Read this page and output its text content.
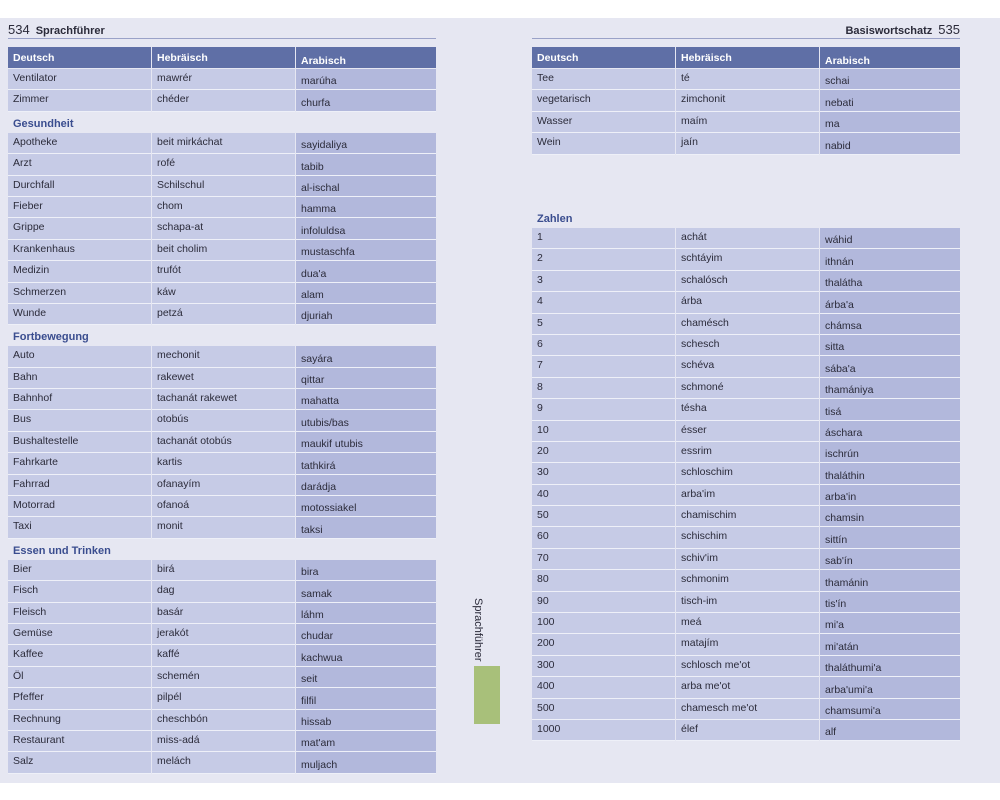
534 Sprachführer
Deutsch	Hebräisch	Arabisch
Ventilator	mawrér	marúha
Zimmer	chéder	churfa
Gesundheit
Apotheke	beit mirkáchat	sayidaliya
Arzt	rofé	tabib
Durchfall	Schilschul	al-ischal
Fieber	chom	hamma
Grippe	schapa-at	infoluldsa
Krankenhaus	beit cholim	mustaschfa
Medizin	trufót	dua'a
Schmerzen	káw	alam
Wunde	petzá	djuriah
Fortbewegung
Auto	mechonit	sayára
Bahn	rakewet	qittar
Bahnhof	tachanát rakewet	mahatta
Bus	otobús	utubis/bas
Bushaltestelle	tachanát otobús	maukif utubis
Fahrkarte	kartis	tathkirá
Fahrrad	ofanayím	darádja
Motorrad	ofanoá	motossiakel
Taxi	monit	taksi
Essen und Trinken
Bier	birá	bira
Fisch	dag	samak
Fleisch	basár	láhm
Gemüse	jerakót	chudar
Kaffee	kaffé	kachwua
Öl	schemén	seit
Pfeffer	pilpél	filfil
Rechnung	cheschbón	hissab
Restaurant	miss-adá	mat'am
Salz	melách	muljach
Basiswortschatz 535
Deutsch	Hebräisch	Arabisch
Tee	té	schai
vegetarisch	zimchonit	nebati
Wasser	maím	ma
Wein	jaín	nabid
Zahlen
1	achát	wáhid
2	schtáyim	ithnán
3	schalósch	thalátha
4	árba	árba'a
5	chamésch	chámsa
6	schesch	sitta
7	schéva	sába'a
8	schmoné	thamániya
9	tésha	tisá
10	ésser	áschara
20	essrim	ischrún
30	schloschim	thaláthin
40	arba'im	arba'in
50	chamischim	chamsin
60	schischim	sittín
70	schiv'im	sab'ín
80	schmonim	thamánin
90	tisch-im	tis'ín
100	meá	mi'a
200	matajím	mi'atán
300	schlosch me'ot	thaláthumi'a
400	arba me'ot	arba'umi'a
500	chamesch me'ot	chamsumi'a
1000	élef	alf
Sprachführer
